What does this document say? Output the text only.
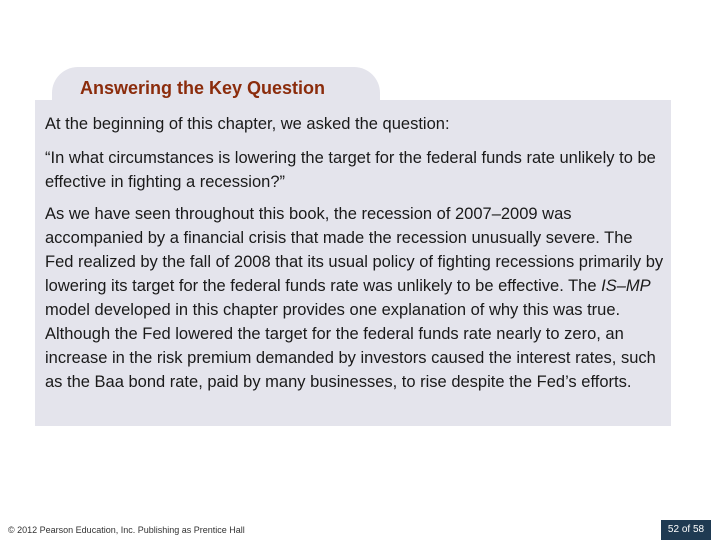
Answering the Key Question

At the beginning of this chapter, we asked the question:

“In what circumstances is lowering the target for the federal funds rate unlikely to be effective in fighting a recession?”

As we have seen throughout this book, the recession of 2007–2009 was accompanied by a financial crisis that made the recession unusually severe. The Fed realized by the fall of 2008 that its usual policy of fighting recessions primarily by lowering its target for the federal funds rate was unlikely to be effective. The IS–MP model developed in this chapter provides one explanation of why this was true. Although the Fed lowered the target for the federal funds rate nearly to zero, an increase in the risk premium demanded by investors caused the interest rates, such as the Baa bond rate, paid by many businesses, to rise despite the Fed’s efforts.

© 2012 Pearson Education, Inc. Publishing as Prentice Hall	52 of 58
